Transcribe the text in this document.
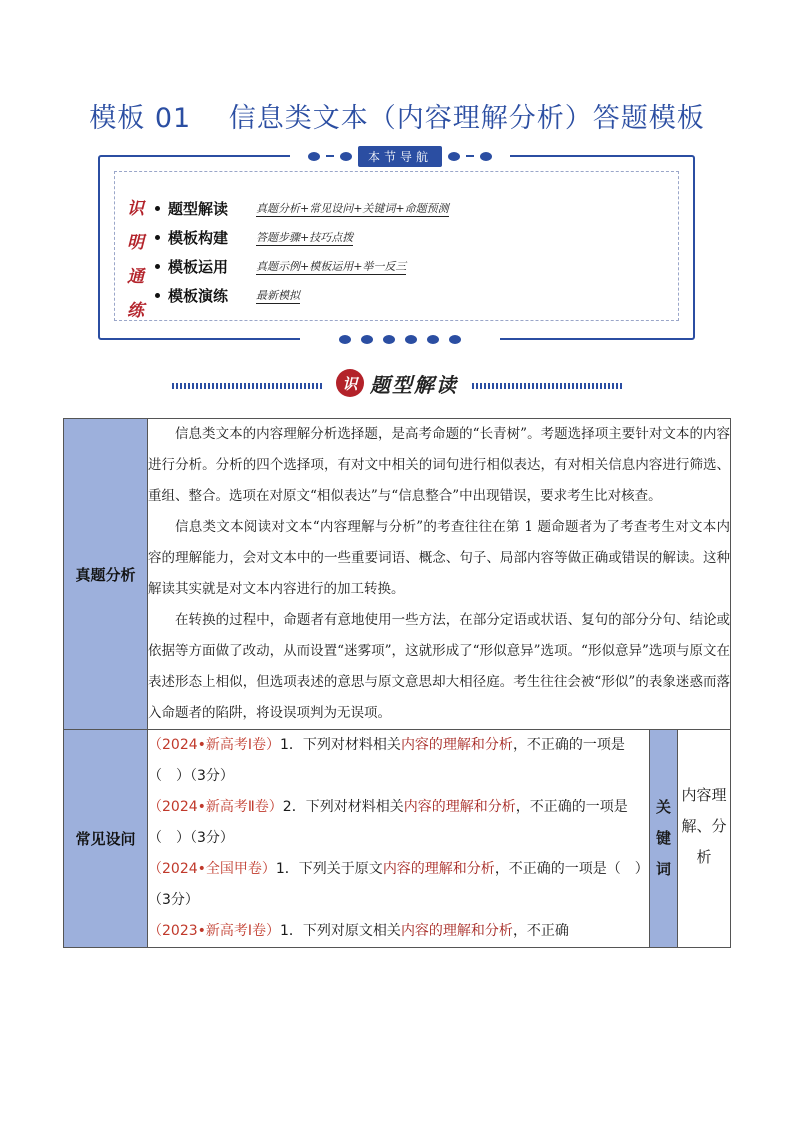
模板 01　 信息类文本（内容理解分析）答题模板
本节导航
识
明
通
练
题型解读	真题分析+常见设问+关键词+命题预测
模板构建	答题步骤+技巧点拨
模板运用	真题示例+模板运用+举一反三
模板演练	最新模拟
识 题型解读
真题分析	信息类文本的内容理解分析选择题，是高考命题的“长青树”。考题选择项主要针对文本的内容进行分析。分析的四个选择项，有对文中相关的词句进行相似表达，有对相关信息内容进行筛选、重组、整合。选项在对原文“相似表达”与“信息整合”中出现错误，要求考生比对核查。

信息类文本阅读对文本“内容理解与分析”的考查往往在第 1 题命题者为了考查考生对文本内容的理解能力，会对文本中的一些重要词语、概念、句子、局部内容等做正确或错误的解读。这种解读其实就是对文本内容进行的加工转换。

在转换的过程中，命题者有意地使用一些方法，在部分定语或状语、复句的部分分句、结论或依据等方面做了改动，从而设置“迷雾项”，这就形成了“形似意异”选项。“形似意异”选项与原文在表述形态上相似，但选项表述的意思与原文意思却大相径庭。考生往往会被“形似”的表象迷惑而落入命题者的陷阱，将设误项判为无误项。		

常见设问	（2024•新高考Ⅰ卷）1．下列对材料相关内容的理解和分析，不正确的一项是（　）（3分）

（2024•新高考Ⅱ卷）2．下列对材料相关内容的理解和分析，不正确的一项是（　）（3分）

（2024•全国甲卷）1．下列关于原文内容的理解和分析，不正确的一项是（　）（3分）

（2023•新高考Ⅰ卷）1．下列对原文相关内容的理解和分析，不正确	关键词	内容理解、分析
